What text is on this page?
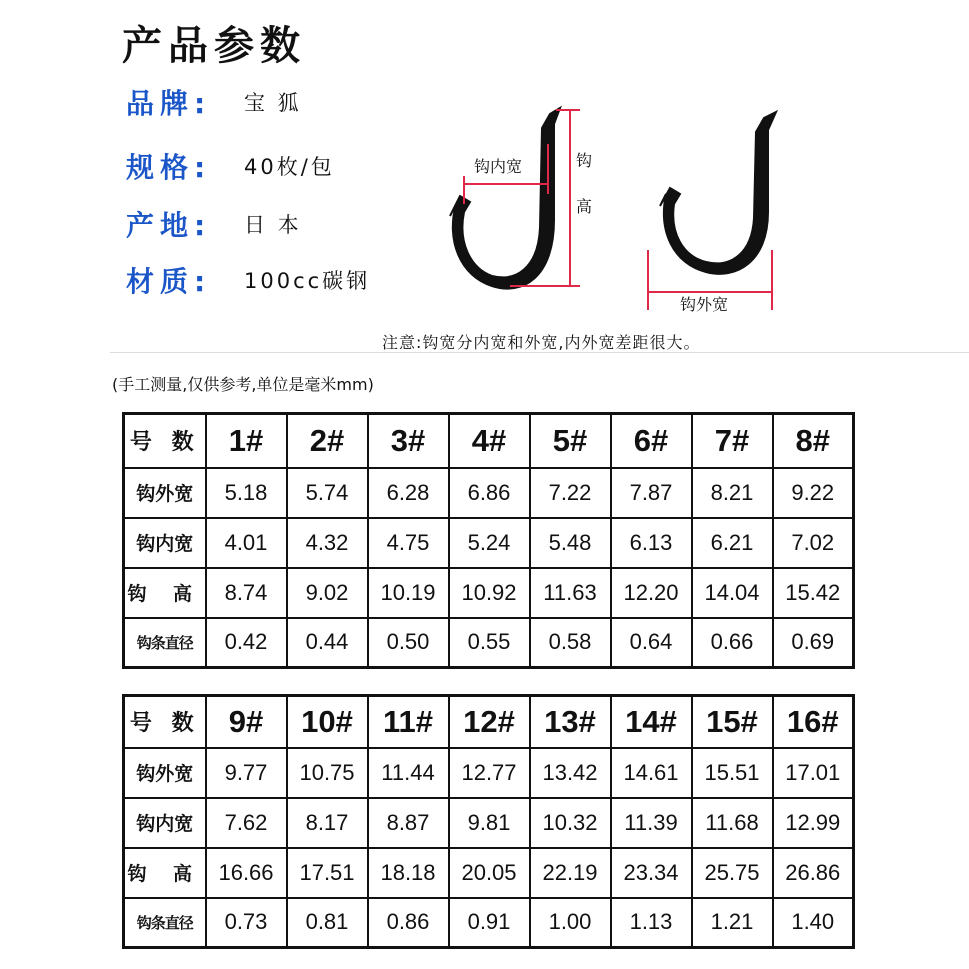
产品参数
品牌:	宝 狐
规格:	40枚/包
产地:	日 本
材质:	100cc碳钢
钩内宽	钩
高
钩外宽
注意:钩宽分内宽和外宽,内外宽差距很大。
(手工测量,仅供参考,单位是毫米mm)
号 数	1#	2#	3#	4#	5#	6#	7#	8#
钩外宽	5.18	5.74	6.28	6.86	7.22	7.87	8.21	9.22
钩内宽	4.01	4.32	4.75	5.24	5.48	6.13	6.21	7.02
钩 高	8.74	9.02	10.19	10.92	11.63	12.20	14.04	15.42
钩条直径	0.42	0.44	0.50	0.55	0.58	0.64	0.66	0.69
号 数	9#	10#	11#	12#	13#	14#	15#	16#
钩外宽	9.77	10.75	11.44	12.77	13.42	14.61	15.51	17.01
钩内宽	7.62	8.17	8.87	9.81	10.32	11.39	11.68	12.99
钩 高	16.66	17.51	18.18	20.05	22.19	23.34	25.75	26.86
钩条直径	0.73	0.81	0.86	0.91	1.00	1.13	1.21	1.40
